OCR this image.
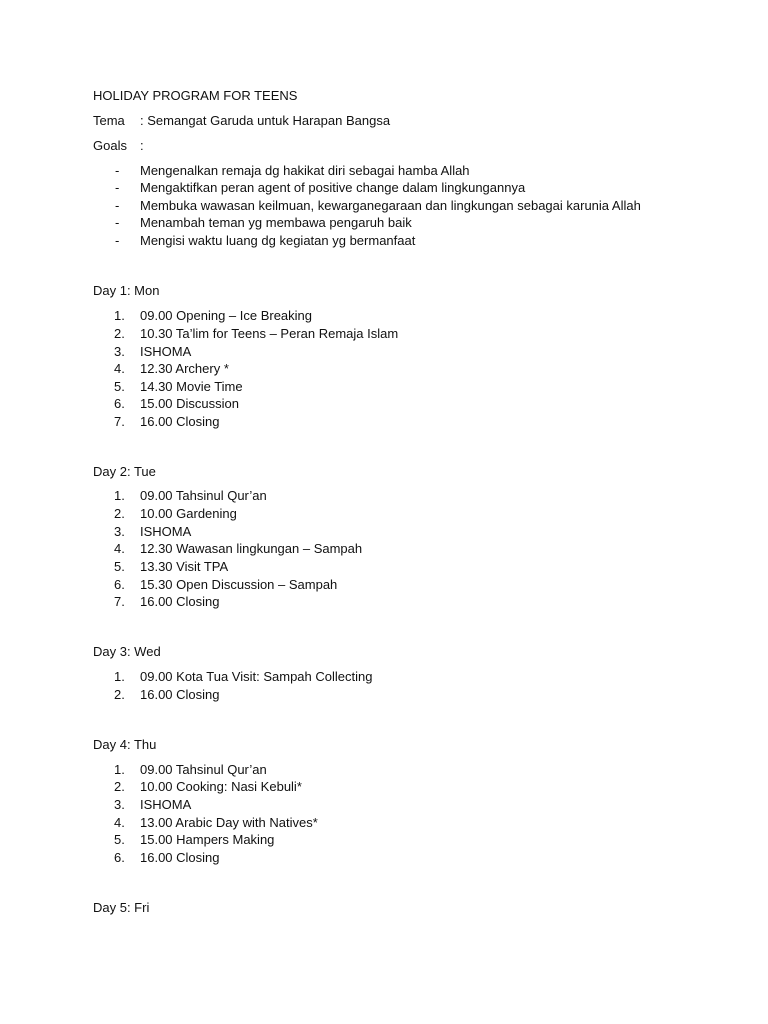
HOLIDAY PROGRAM FOR TEENS
Tema : Semangat Garuda untuk Harapan Bangsa
Goals :
- Mengenalkan remaja dg hakikat diri sebagai hamba Allah
- Mengaktifkan peran agent of positive change dalam lingkungannya
- Membuka wawasan keilmuan, kewarganegaraan dan lingkungan sebagai karunia Allah
- Menambah teman yg membawa pengaruh baik
- Mengisi waktu luang dg kegiatan yg bermanfaat
Day 1: Mon
1. 09.00 Opening – Ice Breaking
2. 10.30 Ta’lim for Teens – Peran Remaja Islam
3. ISHOMA
4. 12.30 Archery *
5. 14.30 Movie Time
6. 15.00 Discussion
7. 16.00 Closing
Day 2: Tue
1. 09.00 Tahsinul Qur’an
2. 10.00 Gardening
3. ISHOMA
4. 12.30 Wawasan lingkungan – Sampah
5. 13.30 Visit TPA
6. 15.30 Open Discussion – Sampah
7. 16.00 Closing
Day 3: Wed
1. 09.00 Kota Tua Visit: Sampah Collecting
2. 16.00 Closing
Day 4: Thu
1. 09.00 Tahsinul Qur’an
2. 10.00 Cooking: Nasi Kebuli*
3. ISHOMA
4. 13.00 Arabic Day with Natives*
5. 15.00 Hampers Making
6. 16.00 Closing
Day 5: Fri
